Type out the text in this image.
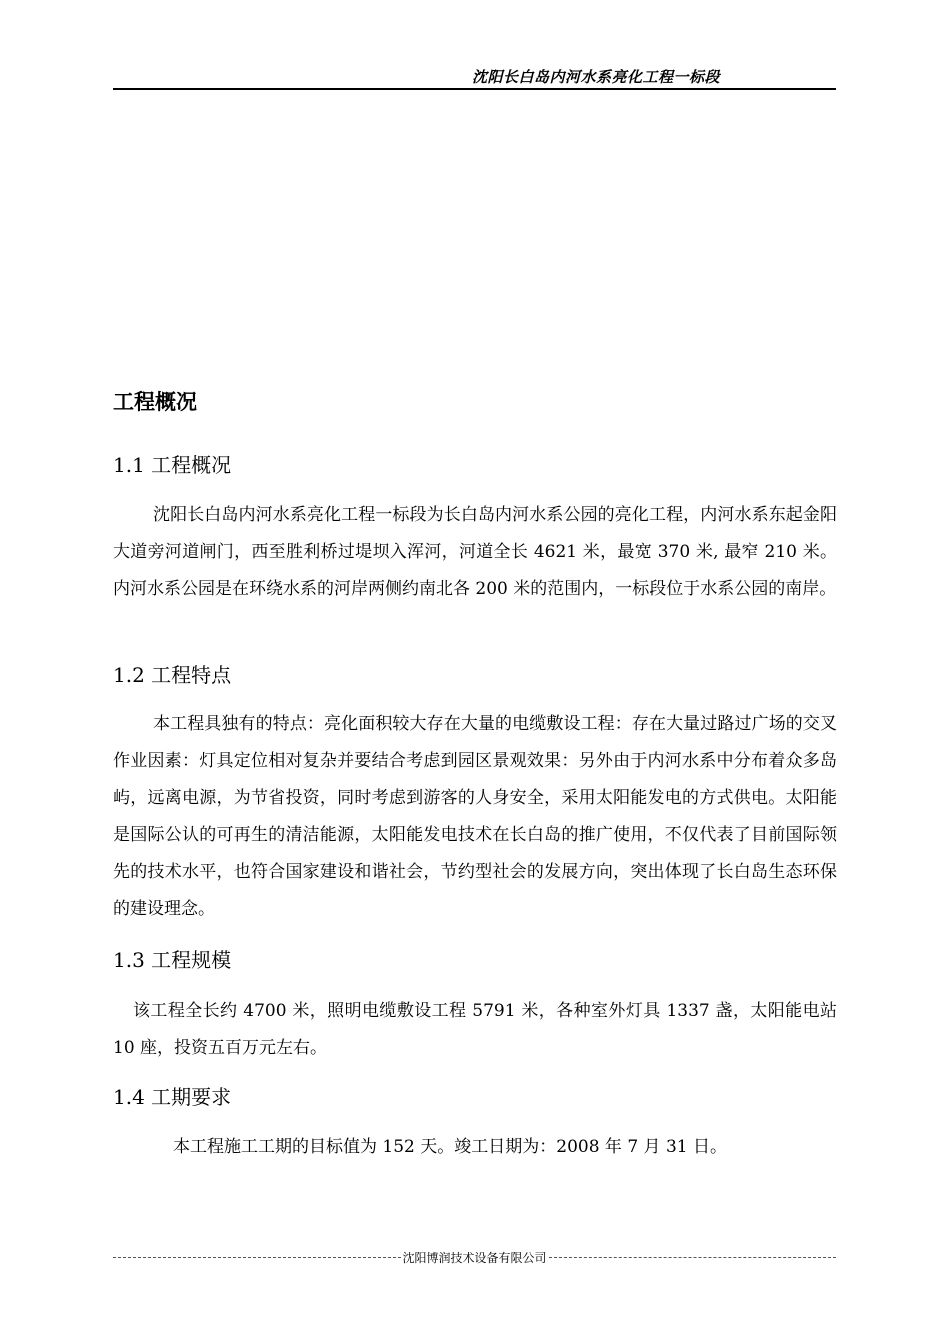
沈阳长白岛内河水系亮化工程一标段
工程概况
1.1 工程概况

沈阳长白岛内河水系亮化工程一标段为长白岛内河水系公园的亮化工程，内河水系东起金阳大道旁河道闸门，西至胜利桥过堤坝入浑河，河道全长 4621 米，最宽 370 米, 最窄 210 米。内河水系公园是在环绕水系的河岸两侧约南北各 200 米的范围内，一标段位于水系公园的南岸。

1.2 工程特点

本工程具独有的特点：亮化面积较大存在大量的电缆敷设工程：存在大量过路过广场的交叉作业因素：灯具定位相对复杂并要结合考虑到园区景观效果：另外由于内河水系中分布着众多岛屿，远离电源，为节省投资，同时考虑到游客的人身安全，采用太阳能发电的方式供电。太阳能是国际公认的可再生的清洁能源，太阳能发电技术在长白岛的推广使用，不仅代表了目前国际领先的技术水平，也符合国家建设和谐社会，节约型社会的发展方向，突出体现了长白岛生态环保的建设理念。

1.3 工程规模

该工程全长约 4700 米，照明电缆敷设工程 5791 米，各种室外灯具 1337 盏，太阳能电站 10 座，投资五百万元左右。

1.4 工期要求

本工程施工工期的目标值为 152 天。竣工日期为：2008 年 7 月 31 日。

沈阳博润技术设备有限公司
